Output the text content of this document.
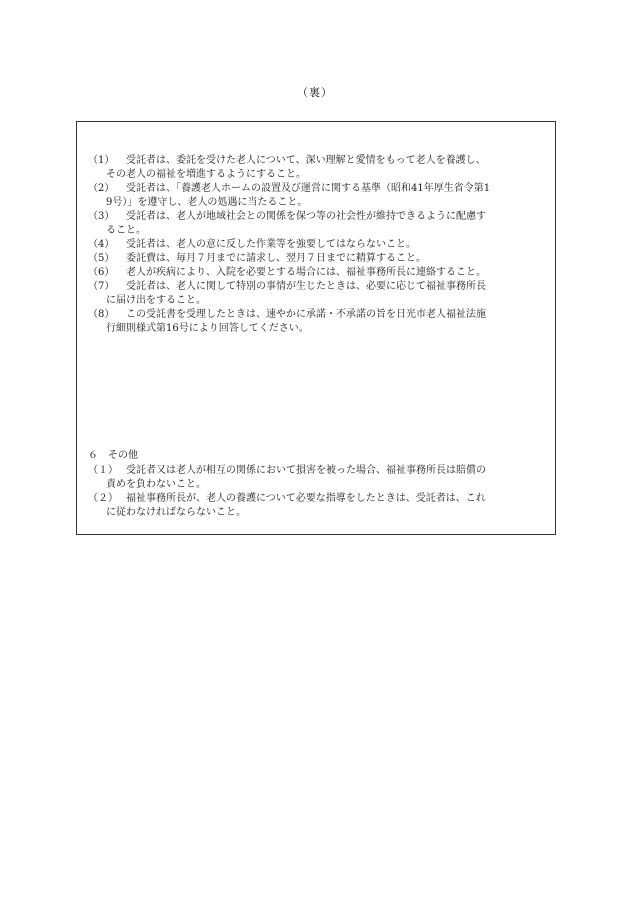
（裏）
（1） 受託者は、委託を受けた老人について、深い理解と愛情をもって老人を養護し、
その老人の福祉を増進するようにすること。
（2） 受託者は、「養護老人ホームの設置及び運営に関する基準（昭和41年厚生省令第1
9号）」を遵守し、老人の処遇に当たること。
（3） 受託者は、老人が地域社会との関係を保つ等の社会性が維持できるように配慮す
ること。
（4） 受託者は、老人の意に反した作業等を強要してはならないこと。
（5） 委託費は、毎月７月までに請求し、翌月７日までに精算すること。
（6） 老人が疾病により、入院を必要とする場合には、福祉事務所長に連絡すること。
（7） 受託者は、老人に関して特別の事情が生じたときは、必要に応じて福祉事務所長
に届け出をすること。
（8） この受託書を受理したときは、速やかに承諾・不承諾の旨を日光市老人福祉法施
行細則様式第16号により回答してください。
６　その他
（１） 受託者又は老人が相互の関係において損害を被った場合、福祉事務所長は賠償の
責めを負わないこと。
（２） 福祉事務所長が、老人の養護について必要な指導をしたときは、受託者は、これ
に従わなければならないこと。
